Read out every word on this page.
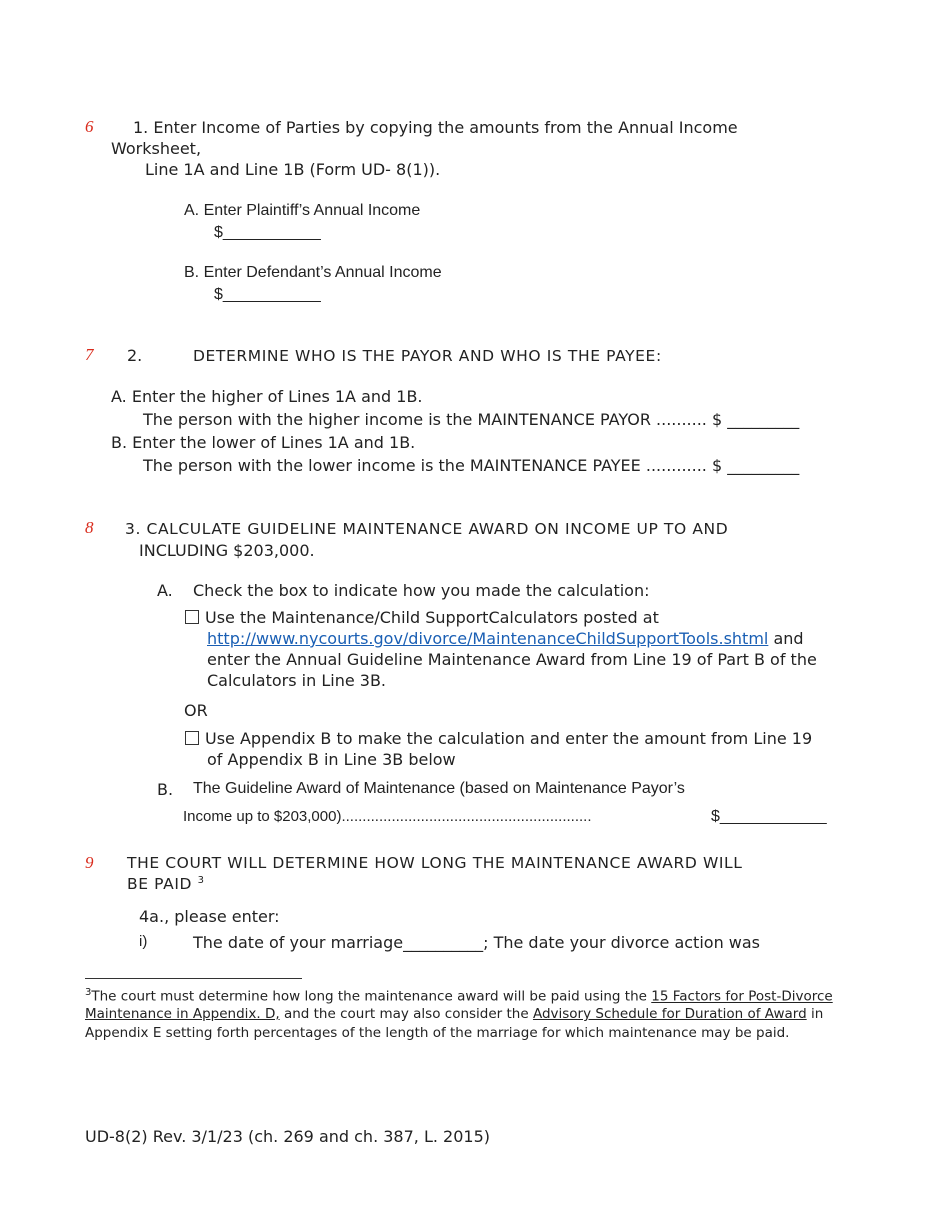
6 1. Enter Income of Parties by copying the amounts from the Annual Income
Worksheet,
Line 1A and Line 1B (Form UD- 8(1)).
A. Enter Plaintiff’s Annual Income
$___________
B. Enter Defendant’s Annual Income
$___________
7 2.	DETERMINE WHO IS THE PAYOR AND WHO IS THE PAYEE:
A. Enter the higher of Lines 1A and 1B.
The person with the higher income is the MAINTENANCE PAYOR .......... $ _________
B. Enter the lower of Lines 1A and 1B.
The person with the lower income is the MAINTENANCE PAYEE ............ $ _________
8 3. CALCULATE GUIDELINE MAINTENANCE AWARD ON INCOME UP TO AND
INCLUDING $203,000.
A. Check the box to indicate how you made the calculation:
Use the Maintenance/Child SupportCalculators posted at
http://www.nycourts.gov/divorce/MaintenanceChildSupportTools.shtml and
enter the Annual Guideline Maintenance Award from Line 19 of Part B of the
Calculators in Line 3B.
OR
Use Appendix B to make the calculation and enter the amount from Line 19
of Appendix B in Line 3B below
B. The Guideline Award of Maintenance (based on Maintenance Payor’s
Income up to $203,000)............................................................	$____________
9 THE COURT WILL DETERMINE HOW LONG THE MAINTENANCE AWARD WILL
BE PAID $^3$
4a., please enter:
i)	The date of your marriage__________; The date your divorce action was
$^3$The court must determine how long the maintenance award will be paid using the 15 Factors for Post-Divorce
Maintenance in Appendix. D, and the court may also consider the Advisory Schedule for Duration of Award in
Appendix E setting forth percentages of the length of the marriage for which maintenance may be paid.
UD-8(2) Rev. 3/1/23 (ch. 269 and ch. 387, L. 2015)
